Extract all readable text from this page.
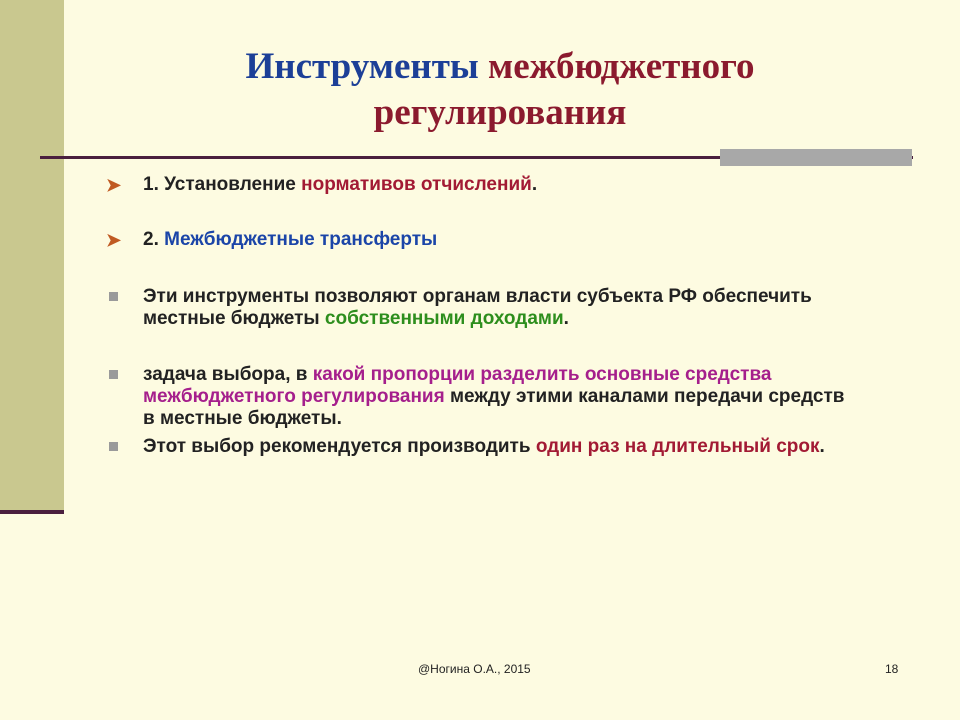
Инструменты межбюджетного
регулирования
➤ 1. Установление нормативов отчислений.
➤ 2. Межбюджетные трансферты
Эти инструменты позволяют органам власти субъекта РФ обеспечить местные бюджеты собственными доходами.
задача выбора, в какой пропорции разделить основные средства межбюджетного регулирования между этими каналами передачи средств в местные бюджеты.
Этот выбор рекомендуется производить один раз на длительный срок.
@Ногина О.А., 2015	18
